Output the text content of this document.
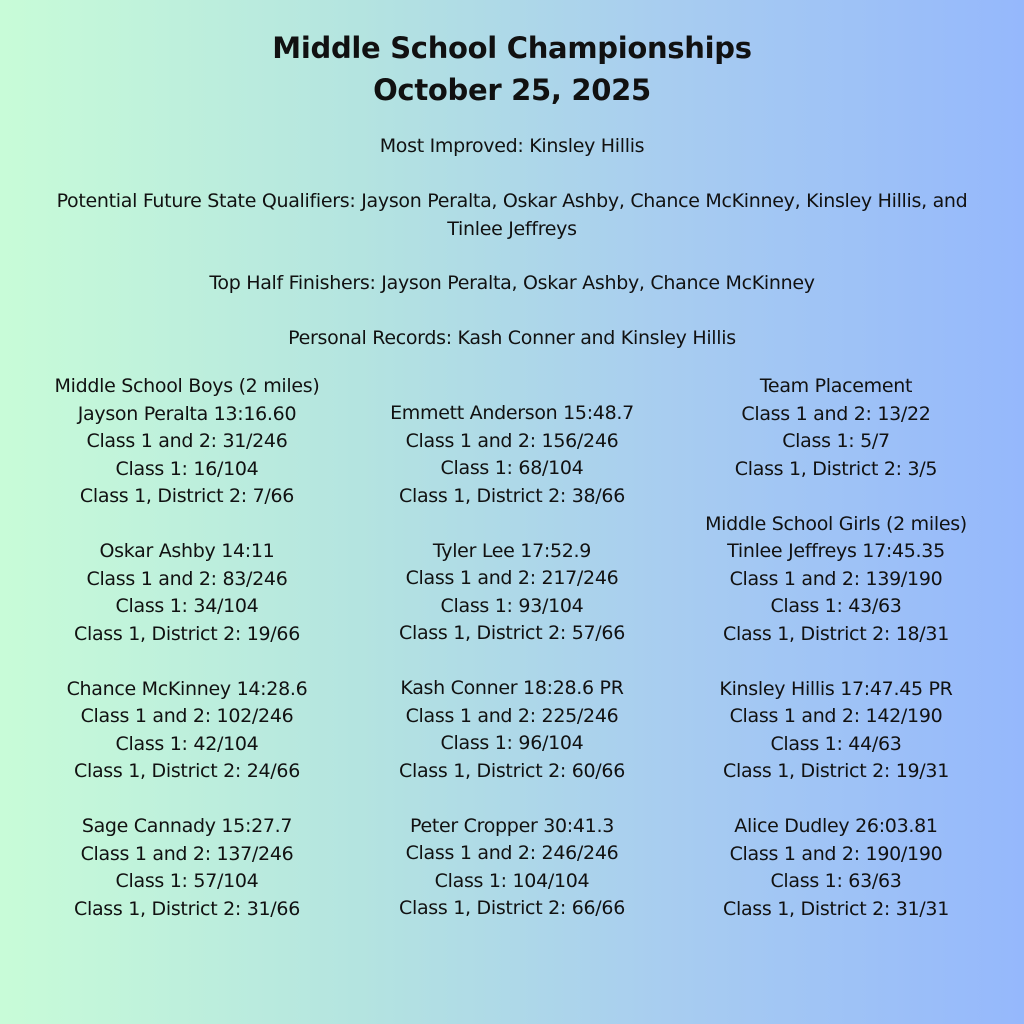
Middle School Championships
October 25, 2025
Most Improved: Kinsley Hillis
Potential Future State Qualifiers: Jayson Peralta, Oskar Ashby, Chance McKinney, Kinsley Hillis, and Tinlee Jeffreys
Top Half Finishers: Jayson Peralta, Oskar Ashby, Chance McKinney
Personal Records: Kash Conner and Kinsley Hillis
Middle School Boys (2 miles)
Jayson Peralta 13:16.60
Class 1 and 2: 31/246
Class 1: 16/104
Class 1, District 2: 7/66
Oskar Ashby 14:11
Class 1 and 2: 83/246
Class 1: 34/104
Class 1, District 2: 19/66
Chance McKinney 14:28.6
Class 1 and 2: 102/246
Class 1: 42/104
Class 1, District 2: 24/66
Sage Cannady 15:27.7
Class 1 and 2: 137/246
Class 1: 57/104
Class 1, District 2: 31/66
Emmett Anderson 15:48.7
Class 1 and 2: 156/246
Class 1: 68/104
Class 1, District 2: 38/66
Tyler Lee 17:52.9
Class 1 and 2: 217/246
Class 1: 93/104
Class 1, District 2: 57/66
Kash Conner 18:28.6 PR
Class 1 and 2: 225/246
Class 1: 96/104
Class 1, District 2: 60/66
Peter Cropper 30:41.3
Class 1 and 2: 246/246
Class 1: 104/104
Class 1, District 2: 66/66
Team Placement
Class 1 and 2: 13/22
Class 1: 5/7
Class 1, District 2: 3/5
Middle School Girls (2 miles)
Tinlee Jeffreys 17:45.35
Class 1 and 2: 139/190
Class 1: 43/63
Class 1, District 2: 18/31
Kinsley Hillis 17:47.45 PR
Class 1 and 2: 142/190
Class 1: 44/63
Class 1, District 2: 19/31
Alice Dudley 26:03.81
Class 1 and 2: 190/190
Class 1: 63/63
Class 1, District 2: 31/31
